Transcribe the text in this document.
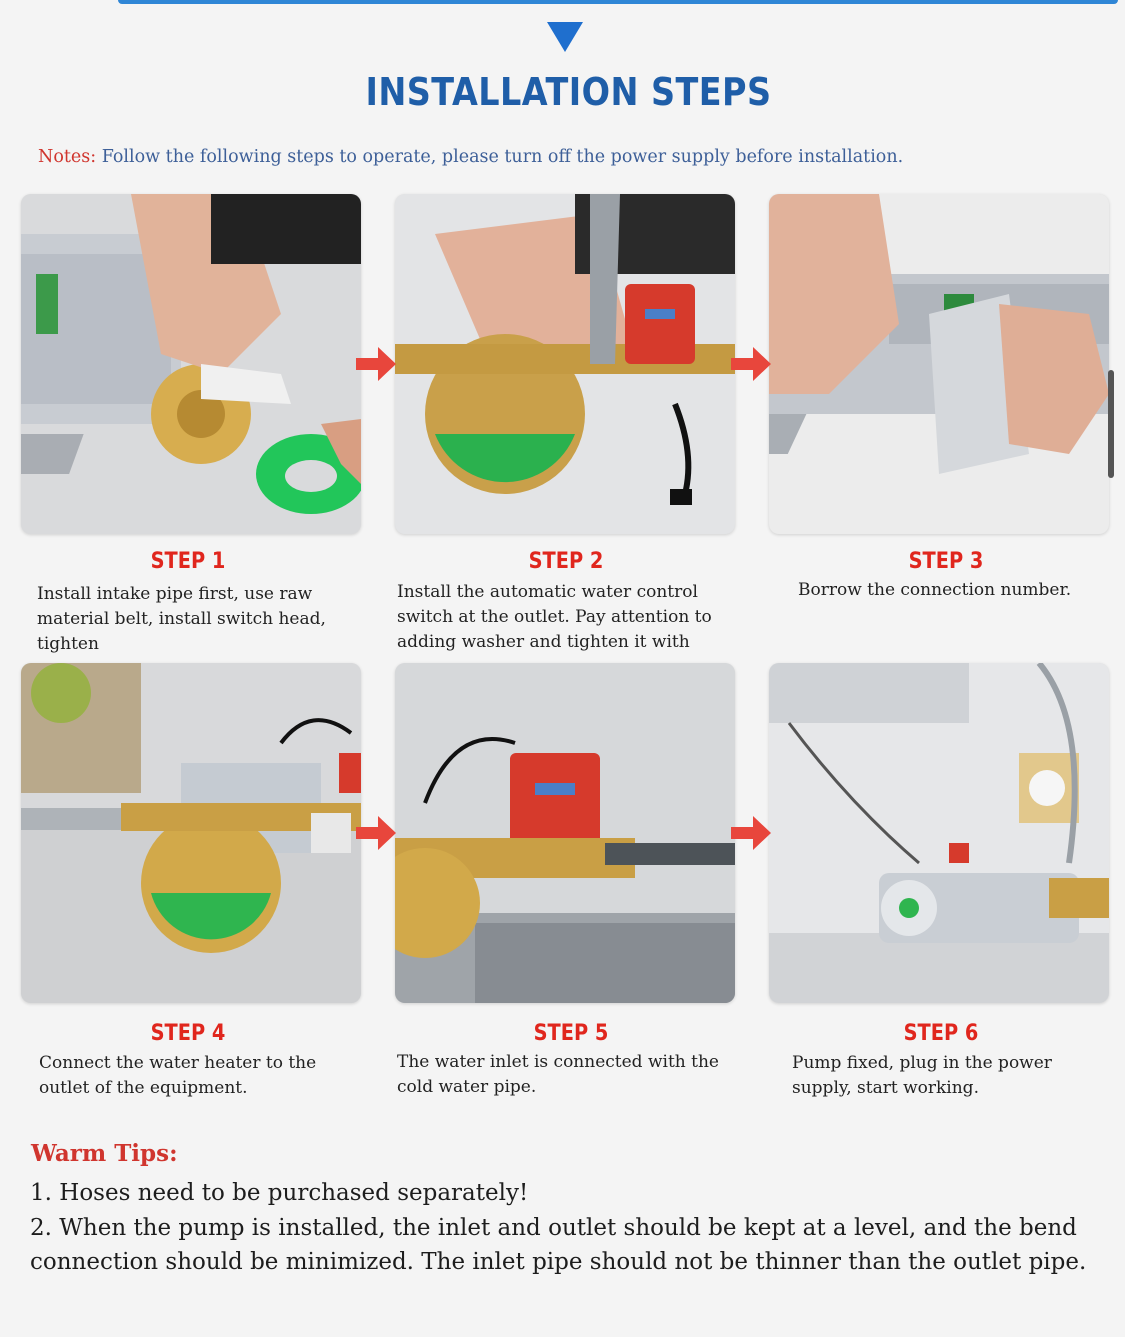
INSTALLATION STEPS
Notes: Follow the following steps to operate, please turn off the power supply before installation.
STEP 1
Install intake pipe first, use raw material belt, install switch head, tighten
STEP 2
Install the automatic water control switch at the outlet. Pay attention to adding washer and tighten it with
STEP 3
Borrow the connection number.
STEP 4
Connect the water heater to the outlet of the equipment.
STEP 5
The water inlet is connected with the cold water pipe.
STEP 6
Pump fixed, plug in the power supply, start working.
Warm Tips:
1. Hoses need to be purchased separately!
2. When the pump is installed, the inlet and outlet should be kept at a level, and the bend connection should be minimized. The inlet pipe should not be thinner than the outlet pipe.
